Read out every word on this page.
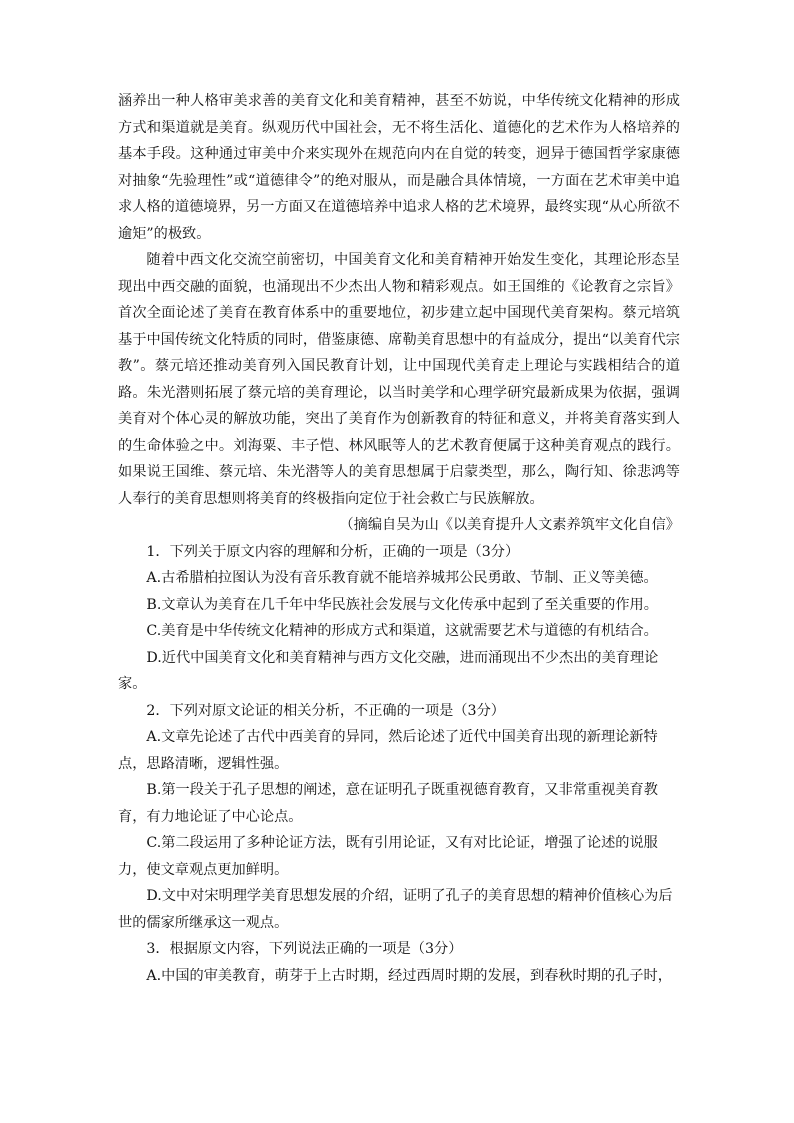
涵养出一种人格审美求善的美育文化和美育精神，甚至不妨说，中华传统文化精神的形成方式和渠道就是美育。纵观历代中国社会，无不将生活化、道德化的艺术作为人格培养的基本手段。这种通过审美中介来实现外在规范向内在自觉的转变，迥异于德国哲学家康德对抽象“先验理性”或“道德律令”的绝对服从，而是融合具体情境，一方面在艺术审美中追求人格的道德境界，另一方面又在道德培养中追求人格的艺术境界，最终实现“从心所欲不逾矩”的极致。

随着中西文化交流空前密切，中国美育文化和美育精神开始发生变化，其理论形态呈现出中西交融的面貌，也涌现出不少杰出人物和精彩观点。如王国维的《论教育之宗旨》首次全面论述了美育在教育体系中的重要地位，初步建立起中国现代美育架构。蔡元培筑基于中国传统文化特质的同时，借鉴康德、席勒美育思想中的有益成分，提出“以美育代宗教”。蔡元培还推动美育列入国民教育计划，让中国现代美育走上理论与实践相结合的道路。朱光潜则拓展了蔡元培的美育理论，以当时美学和心理学研究最新成果为依据，强调美育对个体心灵的解放功能，突出了美育作为创新教育的特征和意义，并将美育落实到人的生命体验之中。刘海粟、丰子恺、林风眠等人的艺术教育便属于这种美育观点的践行。如果说王国维、蔡元培、朱光潜等人的美育思想属于启蒙类型，那么，陶行知、徐悲鸿等人奉行的美育思想则将美育的终极指向定位于社会救亡与民族解放。

（摘编自吴为山《以美育提升人文素养筑牢文化自信》

1．下列关于原文内容的理解和分析，正确的一项是（3分）

A.古希腊柏拉图认为没有音乐教育就不能培养城邦公民勇敢、节制、正义等美德。

B.文章认为美育在几千年中华民族社会发展与文化传承中起到了至关重要的作用。

C.美育是中华传统文化精神的形成方式和渠道，这就需要艺术与道德的有机结合。

D.近代中国美育文化和美育精神与西方文化交融，进而涌现出不少杰出的美育理论家。

2．下列对原文论证的相关分析，不正确的一项是（3分）

A.文章先论述了古代中西美育的异同，然后论述了近代中国美育出现的新理论新特点，思路清晰，逻辑性强。

B.第一段关于孔子思想的阐述，意在证明孔子既重视德育教育，又非常重视美育教育，有力地论证了中心论点。

C.第二段运用了多种论证方法，既有引用论证，又有对比论证，增强了论述的说服力，使文章观点更加鲜明。

D.文中对宋明理学美育思想发展的介绍，证明了孔子的美育思想的精神价值核心为后世的儒家所继承这一观点。

3．根据原文内容，下列说法正确的一项是（3分）

A.中国的审美教育，萌芽于上古时期，经过西周时期的发展，到春秋时期的孔子时，
